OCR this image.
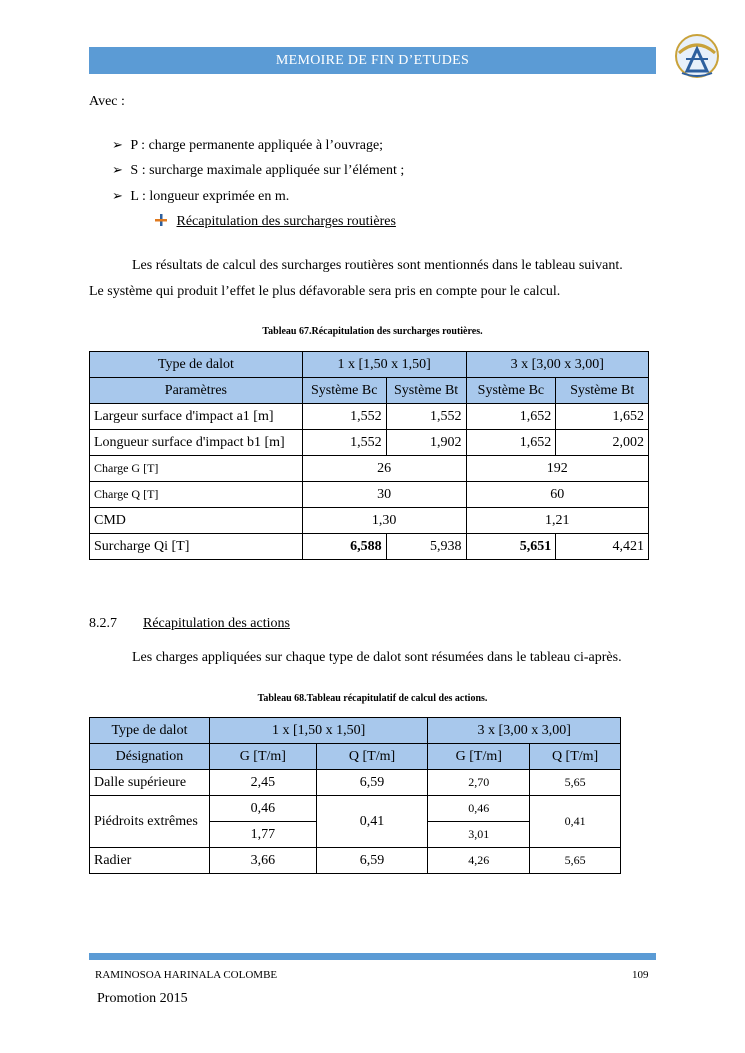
MEMOIRE DE FIN D’ETUDES
Avec :
➢ P : charge permanente appliquée à l’ouvrage;
➢ S : surcharge maximale appliquée sur l’élément ;
➢ L : longueur exprimée en m.
Récapitulation des surcharges routières
Les résultats de calcul des surcharges routières sont mentionnés dans le tableau suivant.
Le système qui produit l’effet le plus défavorable sera pris en compte pour le calcul.
Tableau 67.Récapitulation des surcharges routières.
Type de dalot	1 x [1,50 x 1,50]		3 x [3,00 x 3,00]	
Paramètres	Système Bc	Système Bt	Système Bc	Système Bt
Largeur surface d'impact a1 [m]	1,552	1,552	1,652	1,652
Longueur surface d'impact b1 [m]	1,552	1,902	1,652	2,002
Charge G [T]	26		192	
Charge Q [T]	30		60	
CMD	1,30		1,21	
Surcharge Qi [T]	6,588	5,938	5,651	4,421
8.2.7 Récapitulation des actions
Les charges appliquées sur chaque type de dalot sont résumées dans le tableau ci-après.
Tableau 68.Tableau récapitulatif de calcul des actions.
Type de dalot	1 x [1,50 x 1,50]		3 x [3,00 x 3,00]	
Désignation	G [T/m]	Q [T/m]	G [T/m]	Q [T/m]
Dalle supérieure	2,45	6,59	2,70	5,65
Piédroits extrêmes	0,46	0,41	0,46	0,41
	1,77		3,01	
Radier	3,66	6,59	4,26	5,65
RAMINOSOA HARINALA COLOMBE	109
Promotion 2015
